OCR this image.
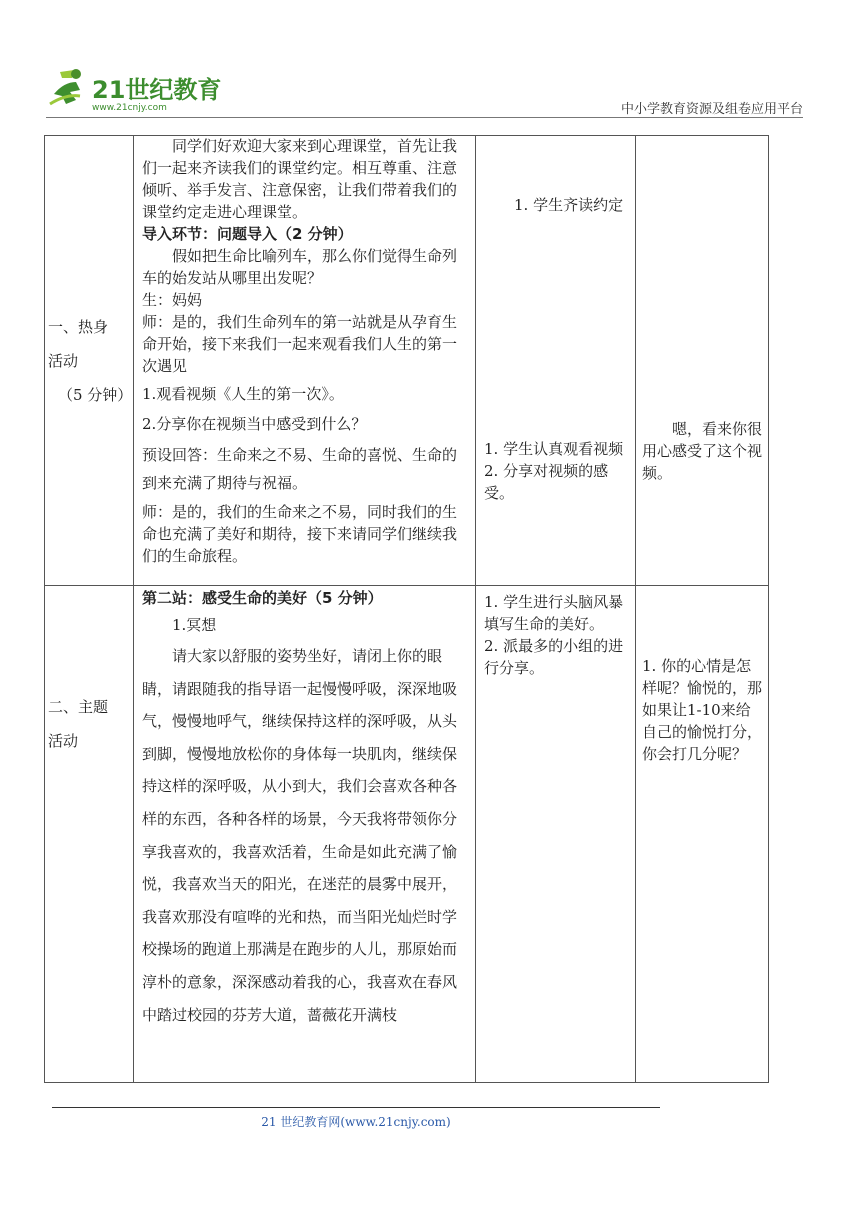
21世纪教育
www.21cnjy.com	中小学教育资源及组卷应用平台

一、热身

活动

（5 分钟）

同学们好欢迎大家来到心理课堂，首先让我们一起来齐读我们的课堂约定。相互尊重、注意倾听、举手发言、注意保密，让我们带着我们的课堂约定走进心理课堂。

导入环节：问题导入（2 分钟）

假如把生命比喻列车，那么你们觉得生命列车的始发站从哪里出发呢？

生：妈妈

师：是的，我们生命列车的第一站就是从孕育生命开始，接下来我们一起来观看我们人生的第一次遇见

1.观看视频《人生的第一次》。

2.分享你在视频当中感受到什么？

预设回答：生命来之不易、生命的喜悦、生命的到来充满了期待与祝福。

师：是的，我们的生命来之不易，同时我们的生命也充满了美好和期待，接下来请同学们继续我们的生命旅程。

1. 学生齐读约定

1. 学生认真观看视频

2. 分享对视频的感受。

嗯，看来你很用心感受了这个视频。

二、主题

活动

第二站：感受生命的美好（5 分钟）

1.冥想

请大家以舒服的姿势坐好，请闭上你的眼睛，请跟随我的指导语一起慢慢呼吸，深深地吸气，慢慢地呼气，继续保持这样的深呼吸，从头到脚，慢慢地放松你的身体每一块肌肉，继续保持这样的深呼吸，从小到大，我们会喜欢各种各样的东西，各种各样的场景，今天我将带领你分享我喜欢的，我喜欢活着，生命是如此充满了愉悦，我喜欢当天的阳光，在迷茫的晨雾中展开，我喜欢那没有喧哗的光和热，而当阳光灿烂时学校操场的跑道上那满是在跑步的人儿，那原始而淳朴的意象，深深感动着我的心，我喜欢在春风中踏过校园的芬芳大道，蔷薇花开满枝

1. 学生进行头脑风暴填写生命的美好。

2. 派最多的小组的进行分享。	1. 你的心情是怎样呢？愉悦的，那如果让1-10来给自己的愉悦打分，你会打几分呢？

21 世纪教育网(www.21cnjy.com)
